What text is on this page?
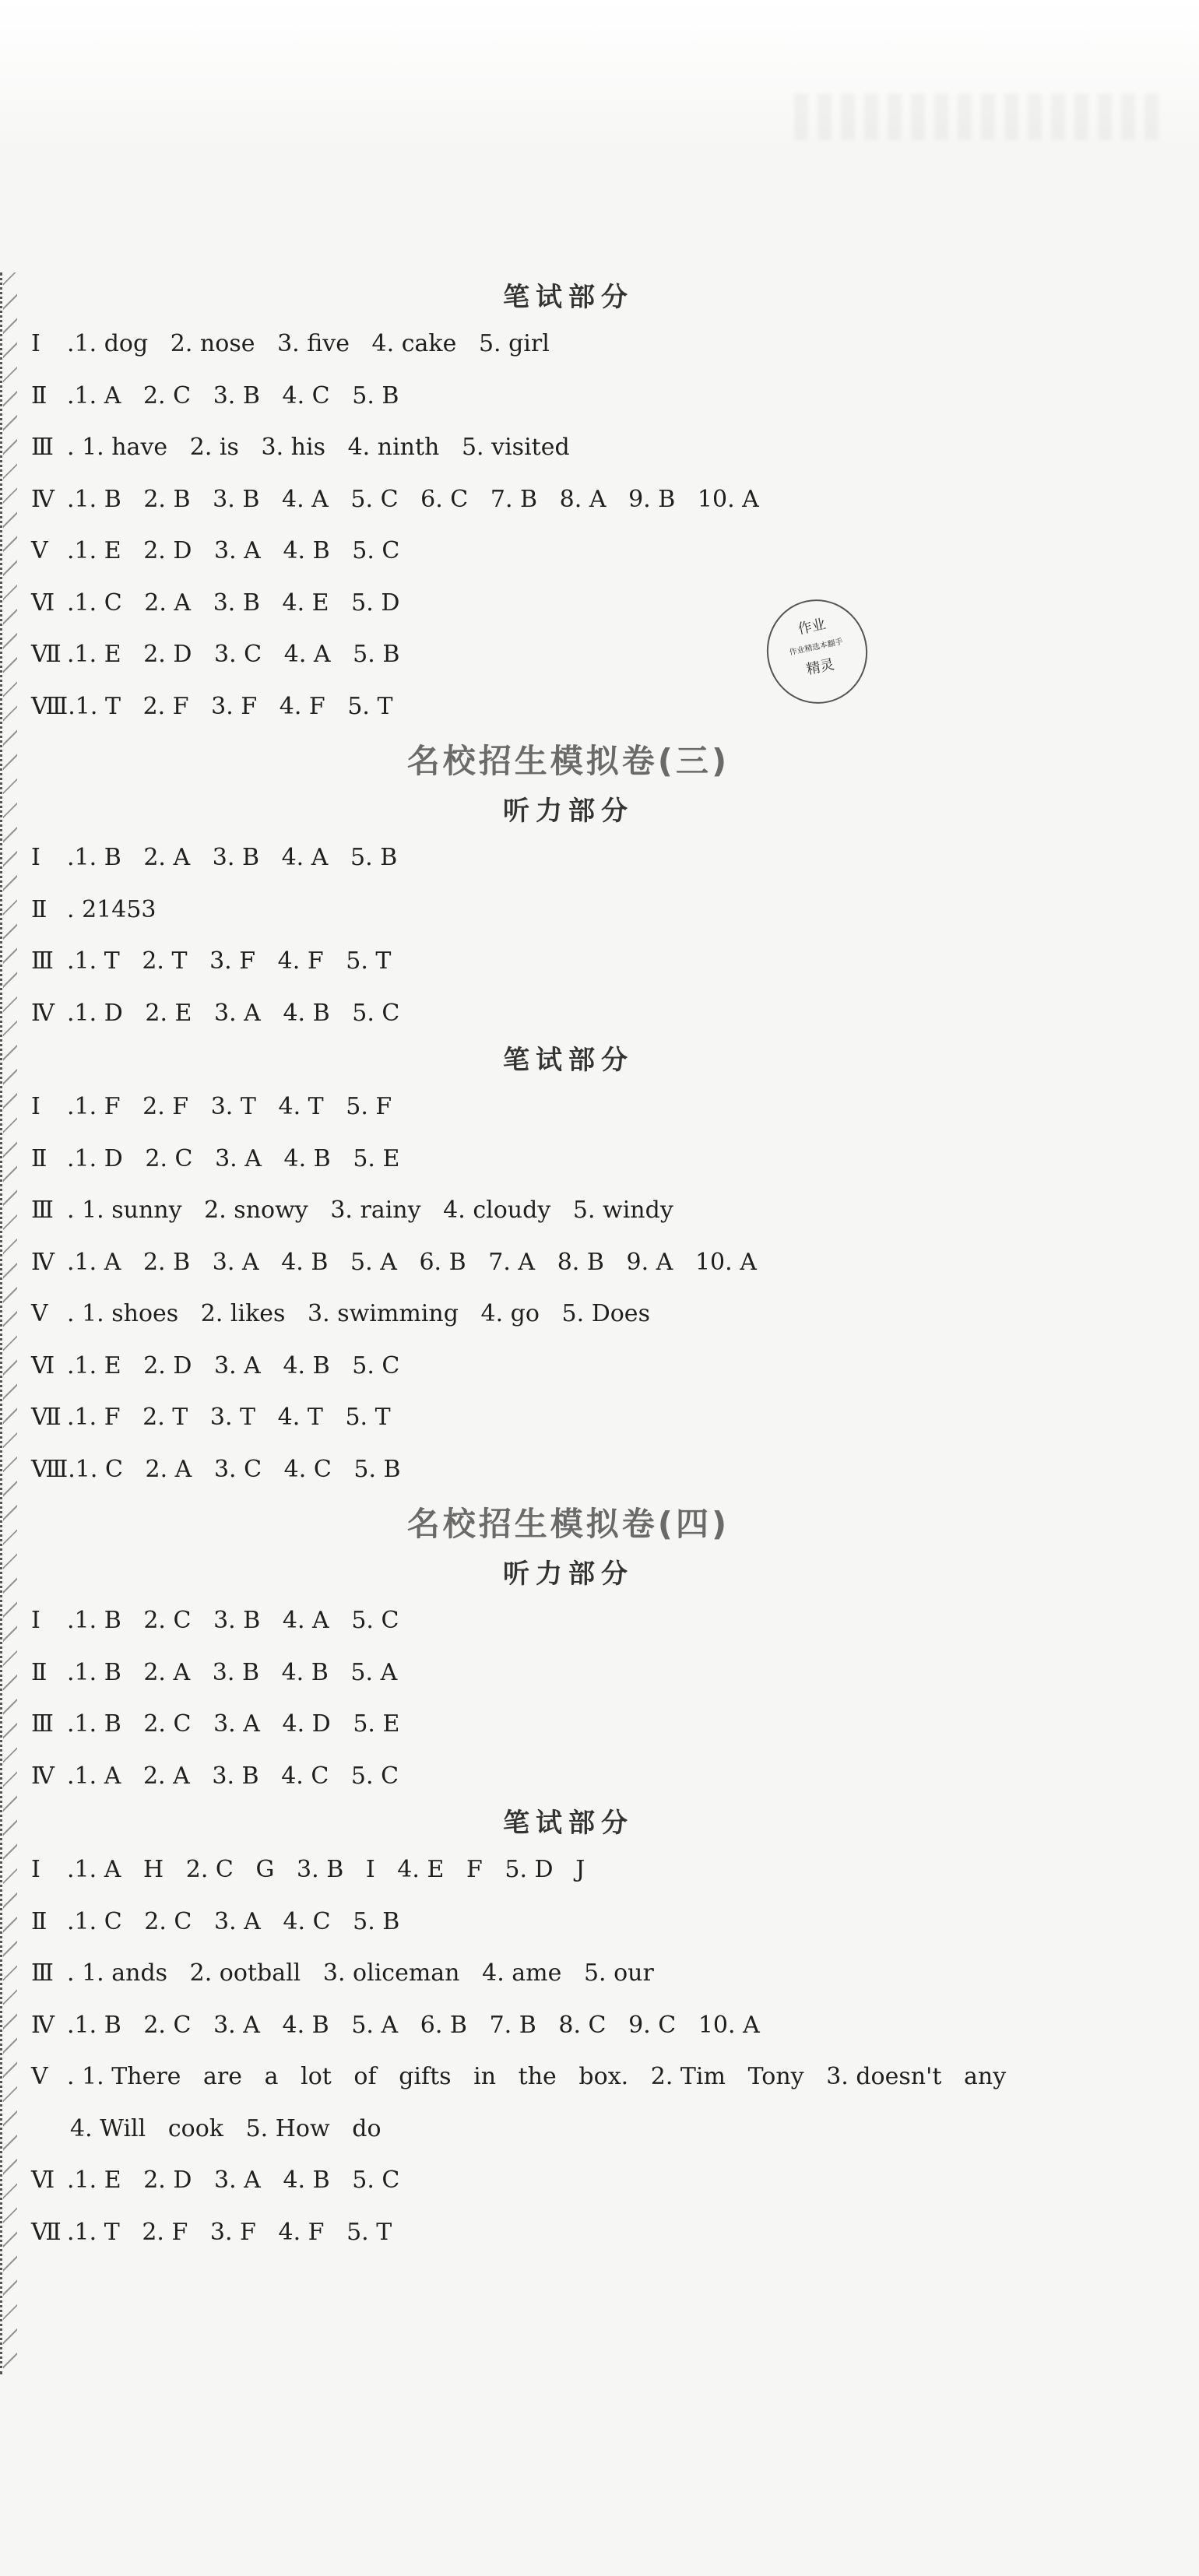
作业
作业精选本翻手
精灵
笔试部分
Ⅰ .1. dog   2. nose   3. five   4. cake   5. girl
Ⅱ .1. A   2. C   3. B   4. C   5. B
Ⅲ . 1. have   2. is   3. his   4. ninth   5. visited
Ⅳ .1. B   2. B   3. B   4. A   5. C   6. C   7. B   8. A   9. B   10. A
Ⅴ .1. E   2. D   3. A   4. B   5. C
Ⅵ .1. C   2. A   3. B   4. E   5. D
Ⅶ .1. E   2. D   3. C   4. A   5. B
Ⅷ.1. T   2. F   3. F   4. F   5. T
名校招生模拟卷(三)
听力部分
Ⅰ .1. B   2. A   3. B   4. A   5. B
Ⅱ . 21453
Ⅲ .1. T   2. T   3. F   4. F   5. T
Ⅳ .1. D   2. E   3. A   4. B   5. C
笔试部分
Ⅰ .1. F   2. F   3. T   4. T   5. F
Ⅱ .1. D   2. C   3. A   4. B   5. E
Ⅲ . 1. sunny   2. snowy   3. rainy   4. cloudy   5. windy
Ⅳ .1. A   2. B   3. A   4. B   5. A   6. B   7. A   8. B   9. A   10. A
Ⅴ . 1. shoes   2. likes   3. swimming   4. go   5. Does
Ⅵ .1. E   2. D   3. A   4. B   5. C
Ⅶ .1. F   2. T   3. T   4. T   5. T
Ⅷ.1. C   2. A   3. C   4. C   5. B
名校招生模拟卷(四)
听力部分
Ⅰ .1. B   2. C   3. B   4. A   5. C
Ⅱ .1. B   2. A   3. B   4. B   5. A
Ⅲ .1. B   2. C   3. A   4. D   5. E
Ⅳ .1. A   2. A   3. B   4. C   5. C
笔试部分
Ⅰ .1. A   H   2. C   G   3. B   I   4. E   F   5. D   J
Ⅱ .1. C   2. C   3. A   4. C   5. B
Ⅲ . 1. ands   2. ootball   3. oliceman   4. ame   5. our
Ⅳ .1. B   2. C   3. A   4. B   5. A   6. B   7. B   8. C   9. C   10. A
Ⅴ . 1. There   are   a   lot   of   gifts   in   the   box.   2. Tim   Tony   3. doesn't   any
4. Will   cook   5. How   do
Ⅵ .1. E   2. D   3. A   4. B   5. C
Ⅶ .1. T   2. F   3. F   4. F   5. T
